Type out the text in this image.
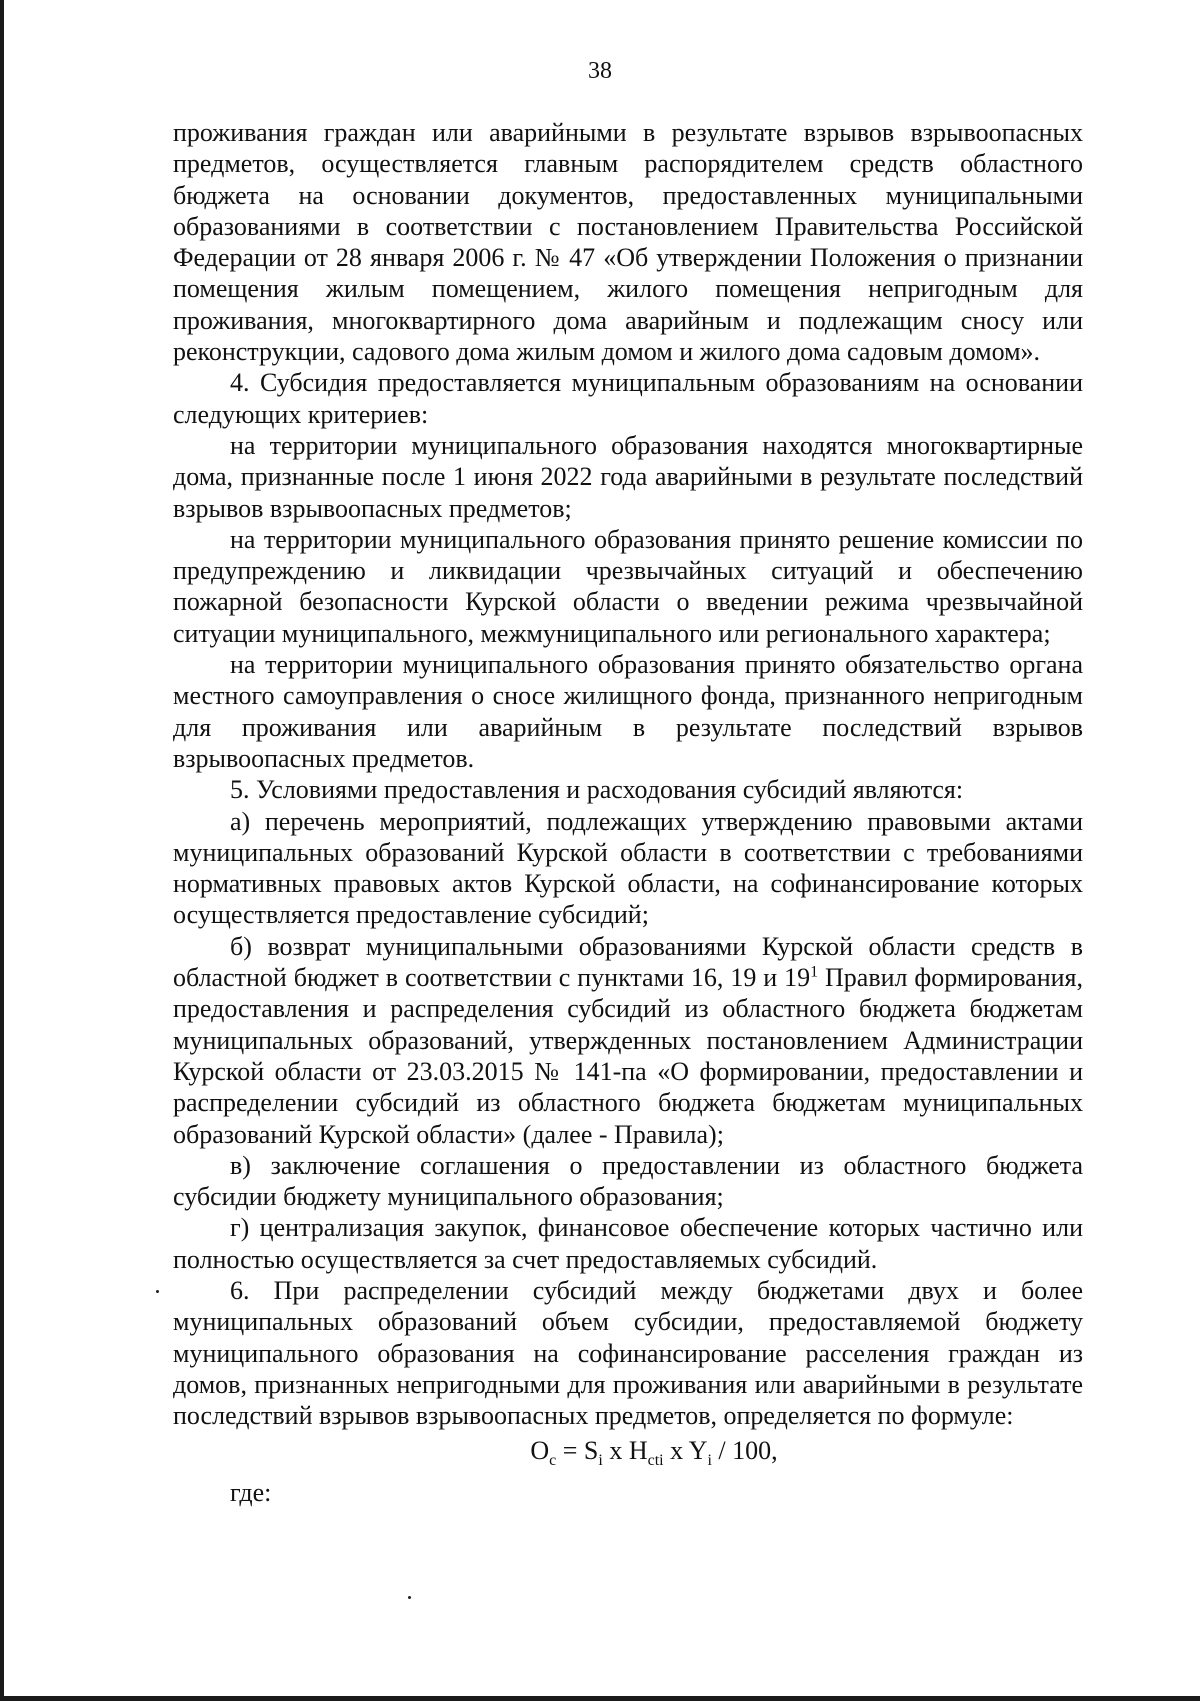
38

проживания граждан или аварийными в результате взрывов взрывоопасных предметов, осуществляется главным распорядителем средств областного бюджета на основании документов, предоставленных муниципальными образованиями в соответствии с постановлением Правительства Российской Федерации от 28 января 2006 г. № 47 «Об утверждении Положения о признании помещения жилым помещением, жилого помещения непригодным для проживания, многоквартирного дома аварийным и подлежащим сносу или реконструкции, садового дома жилым домом и жилого дома садовым домом».

4. Субсидия предоставляется муниципальным образованиям на основании следующих критериев:

на территории муниципального образования находятся многоквартирные дома, признанные после 1 июня 2022 года аварийными в результате последствий взрывов взрывоопасных предметов;

на территории муниципального образования принято решение комиссии по предупреждению и ликвидации чрезвычайных ситуаций и обеспечению пожарной безопасности Курской области о введении режима чрезвычайной ситуации муниципального, межмуниципального или регионального характера;

на территории муниципального образования принято обязательство органа местного самоуправления о сносе жилищного фонда, признанного непригодным для проживания или аварийным в результате последствий взрывов взрывоопасных предметов.

5. Условиями предоставления и расходования субсидий являются:

а) перечень мероприятий, подлежащих утверждению правовыми актами муниципальных образований Курской области в соответствии с требованиями нормативных правовых актов Курской области, на софинансирование которых осуществляется предоставление субсидий;

б) возврат муниципальными образованиями Курской области средств в областной бюджет в соответствии с пунктами 16, 19 и $19^1$ Правил формирования, предоставления и распределения субсидий из областного бюджета бюджетам муниципальных образований, утвержденных постановлением Администрации Курской области от 23.03.2015 № 141-па «О формировании, предоставлении и распределении субсидий из областного бюджета бюджетам муниципальных образований Курской области» (далее - Правила);

в) заключение соглашения о предоставлении из областного бюджета субсидии бюджету муниципального образования;

г) централизация закупок, финансовое обеспечение которых частично или полностью осуществляется за счет предоставляемых субсидий.

6. При распределении субсидий между бюджетами двух и более муниципальных образований объем субсидии, предоставляемой бюджету муниципального образования на софинансирование расселения граждан из домов, признанных непригодными для проживания или аварийными в результате последствий взрывов взрывоопасных предметов, определяется по формуле:

$O_c = S_i$ x $H_{cti}$ x $Y_i / 100$,

где:
